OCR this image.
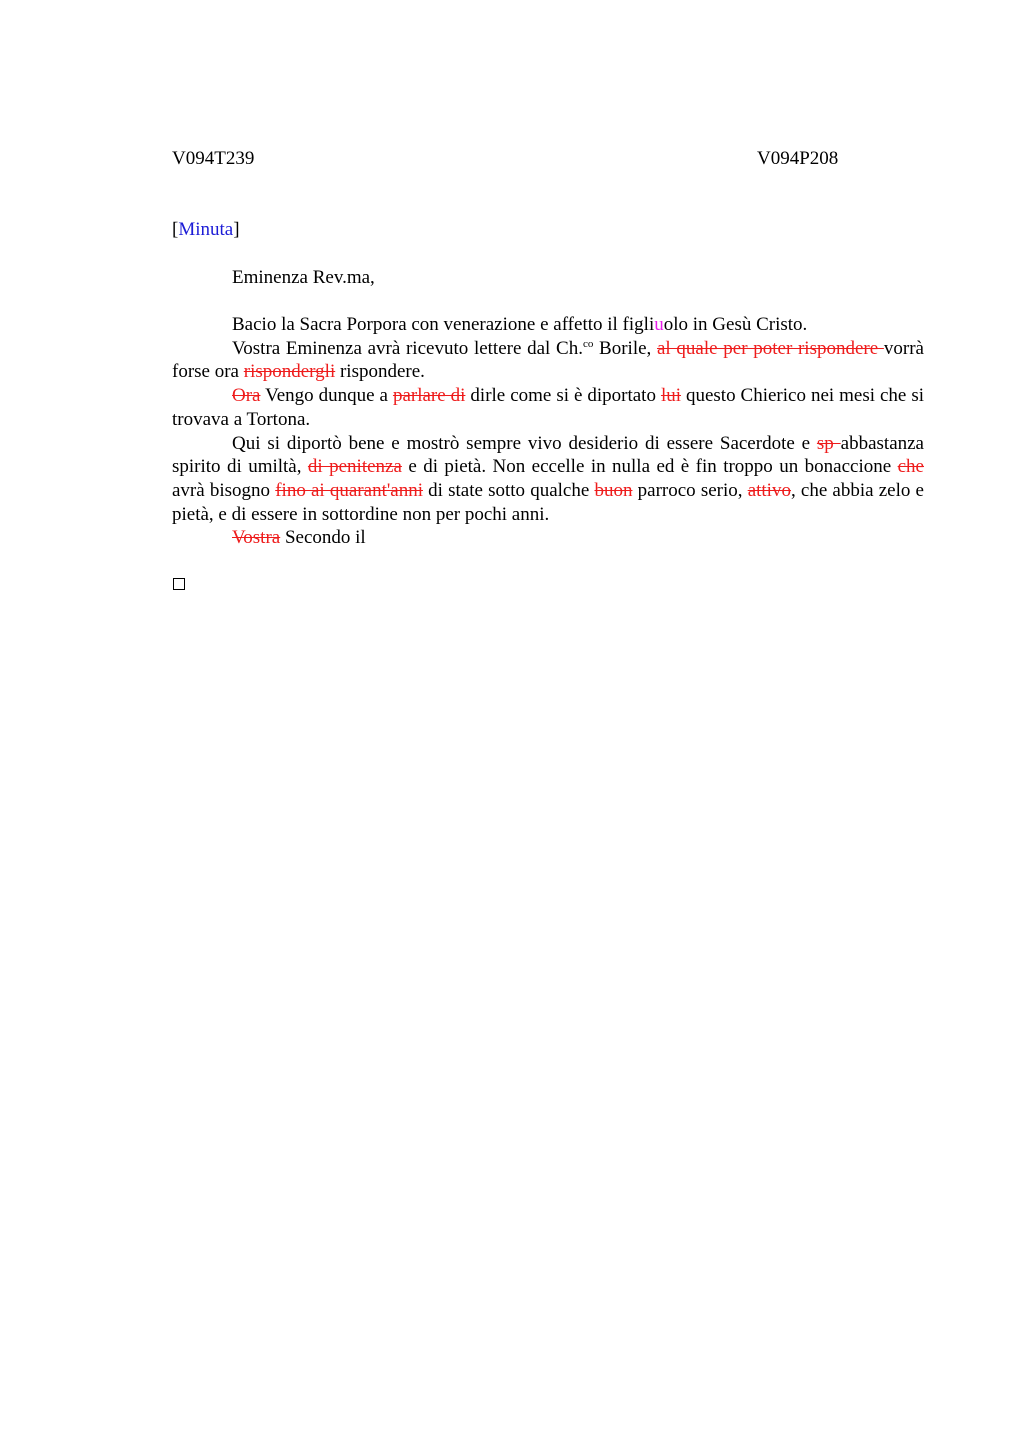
V094T239	V094P208
[Minuta]
Eminenza Rev.ma,

Bacio la Sacra Porpora con venerazione e affetto il figliuolo in Gesù Cristo.

Vostra Eminenza avrà ricevuto lettere dal Ch.$^{co}$ Borile, al quale per poter rispondere vorrà forse ora rispondergli rispondere.

Ora Vengo dunque a parlare di dirle come si è diportato lui questo Chierico nei mesi che si trovava a Tortona.

Qui si diportò bene e mostrò sempre vivo desiderio di essere Sacerdote e sp abbastanza spirito di umiltà, di penitenza e di pietà. Non eccelle in nulla ed è fin troppo un bonaccione che avrà bisogno fino ai quarant'anni di state sotto qualche buon parroco serio, attivo, che abbia zelo e pietà, e di essere in sottordine non per pochi anni.

Vostra Secondo il
